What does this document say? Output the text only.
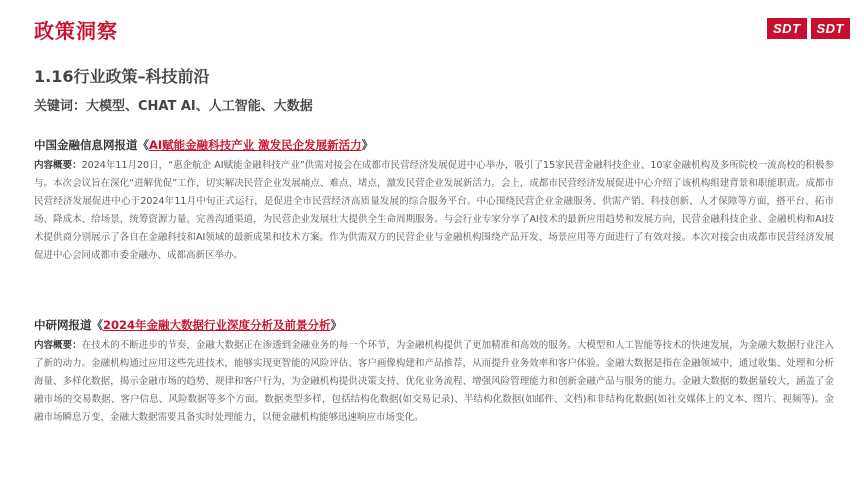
政策洞察	SDT	SDT
1.16行业政策–科技前沿
关键词：大模型、CHAT AI、人工智能、大数据
中国金融信息网报道《AI赋能金融科技产业 激发民企发展新活力》
内容概要：2024年11月20日，“惠企航企 AI赋能金融科技产业”供需对接会在成都市民营经济发展促进中心举办，吸引了15家民营金融科技企业、10家金融机构及多所院校一流高校的积极参与。本次会议旨在深化“进解优促”工作，切实解决民营企业发展痛点、难点、堵点，激发民营企业发展新活力。会上，成都市民营经济发展促进中心介绍了该机构组建背景和职能职责。成都市民营经济发展促进中心于2024年11月中旬正式运行，是促进全市民营经济高质量发展的综合服务平台。中心围绕民营企业金融服务、供需产销、科技创新、人才保障等方面，搭平台、拓市场、降成本、给场景，统筹资源力量，完善沟通渠道，为民营企业发展壮大提供全生命周期服务。与会行业专家分享了AI技术的最新应用趋势和发展方向，民营金融科技企业、金融机构和AI技术提供商分别展示了各自在金融科技和AI领域的最新成果和技术方案。作为供需双方的民营企业与金融机构围绕产品开发、场景应用等方面进行了有效对接。本次对接会由成都市民营经济发展促进中心会同成都市委金融办、成都高新区举办。
中研网报道《2024年金融大数据行业深度分析及前景分析》
内容概要：在技术的不断进步的节奏，金融大数据正在渗透到金融业务的每一个环节，为金融机构提供了更加精准和高效的服务。大模型和人工智能等技术的快速发展，为金融大数据行业注入了新的动力。金融机构通过应用这些先进技术，能够实现更智能的风险评估、客户画像构建和产品推荐，从而提升业务效率和客户体验。金融大数据是指在金融领域中，通过收集、处理和分析海量、多样化数据，揭示金融市场的趋势、规律和客户行为，为金融机构提供决策支持、优化业务流程、增强风险管理能力和创新金融产品与服务的能力。金融大数据的数据量较大，涵盖了金融市场的交易数据、客户信息、风险数据等多个方面。数据类型多样，包括结构化数据(如交易记录)、半结构化数据(如邮件、文档)和非结构化数据(如社交媒体上的文本、图片、视频等)。金融市场瞬息万变，金融大数据需要具备实时处理能力，以便金融机构能够迅速响应市场变化。
